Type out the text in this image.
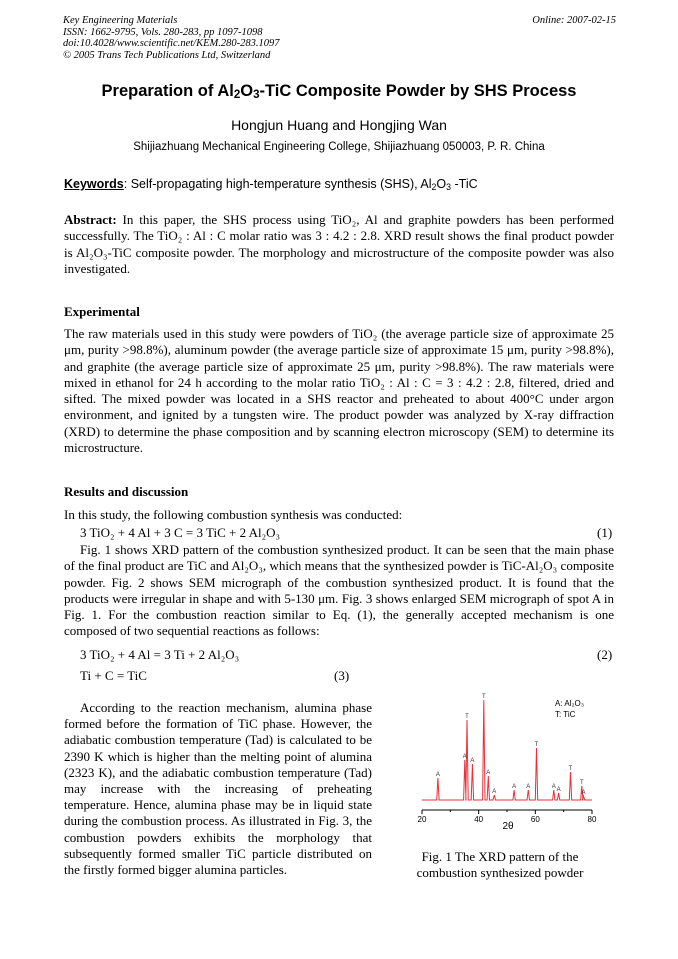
Key Engineering Materials
ISSN: 1662-9795, Vols. 280-283, pp 1097-1098
doi:10.4028/www.scientific.net/KEM.280-283.1097
© 2005 Trans Tech Publications Ltd, Switzerland
Online: 2007-02-15
Preparation of $Al_2O_3$-TiC Composite Powder by SHS Process
Hongjun Huang and Hongjing Wan
Shijiazhuang Mechanical Engineering College, Shijiazhuang 050003, P. R. China
Keywords: Self-propagating high-temperature synthesis (SHS), $Al_2O_3$ -TiC

Abstract: In this paper, the SHS process using TiO₂, Al and graphite powders has been performed successfully. The TiO₂ : Al : C molar ratio was 3 : 4.2 : 2.8. XRD result shows the final product powder is Al₂O₃-TiC composite powder. The morphology and microstructure of the composite powder was also investigated.

Experimental

The raw materials used in this study were powders of TiO₂ (the average particle size of approximate 25 μm, purity >98.8%), aluminum powder (the average particle size of approximate 15 μm, purity >98.8%), and graphite (the average particle size of approximate 25 μm, purity >98.8%). The raw materials were mixed in ethanol for 24 h according to the molar ratio TiO₂ : Al : C = 3 : 4.2 : 2.8, filtered, dried and sifted. The mixed powder was located in a SHS reactor and preheated to about 400°C under argon environment, and ignited by a tungsten wire. The product powder was analyzed by X-ray diffraction (XRD) to determine the phase composition and by scanning electron microscopy (SEM) to determine its microstructure.

Results and discussion

In this study, the following combustion synthesis was conducted:

3 TiO₂ + 4 Al + 3 C = 3 TiC + 2 Al₂O₃	(1)

Fig. 1 shows XRD pattern of the combustion synthesized product. It can be seen that the main phase of the final product are TiC and Al₂O₃, which means that the synthesized powder is TiC-Al₂O₃ composite powder. Fig. 2 shows SEM micrograph of the combustion synthesized product. It is found that the products were irregular in shape and with 5-130 μm. Fig. 3 shows enlarged SEM micrograph of spot A in Fig. 1. For the combustion reaction similar to Eq. (1), the generally accepted mechanism is one composed of two sequential reactions as follows:

3 TiO₂ + 4 Al = 3 Ti + 2 Al₂O₃	(2)
Ti + C = TiC	(3)

According to the reaction mechanism, alumina phase formed before the formation of TiC phase. However, the adiabatic combustion temperature (Tad) is calculated to be 2390 K which is higher than the melting point of alumina (2323 K), and the adiabatic combustion temperature (Tad) may increase with the increasing of preheating temperature. Hence, alumina phase may be in liquid state during the combustion process. As illustrated in Fig. 3, the combustion powders exhibits the morphology that subsequently formed smaller TiC particle distributed on the firstly formed bigger alumina particles.

A
A
T
A
T
A
A
A A
T
A A
T
T
A
20	40	60	80
2θ
A: Al₂O₃
T: TiC
Fig. 1 The XRD pattern of the combustion synthesized powder
